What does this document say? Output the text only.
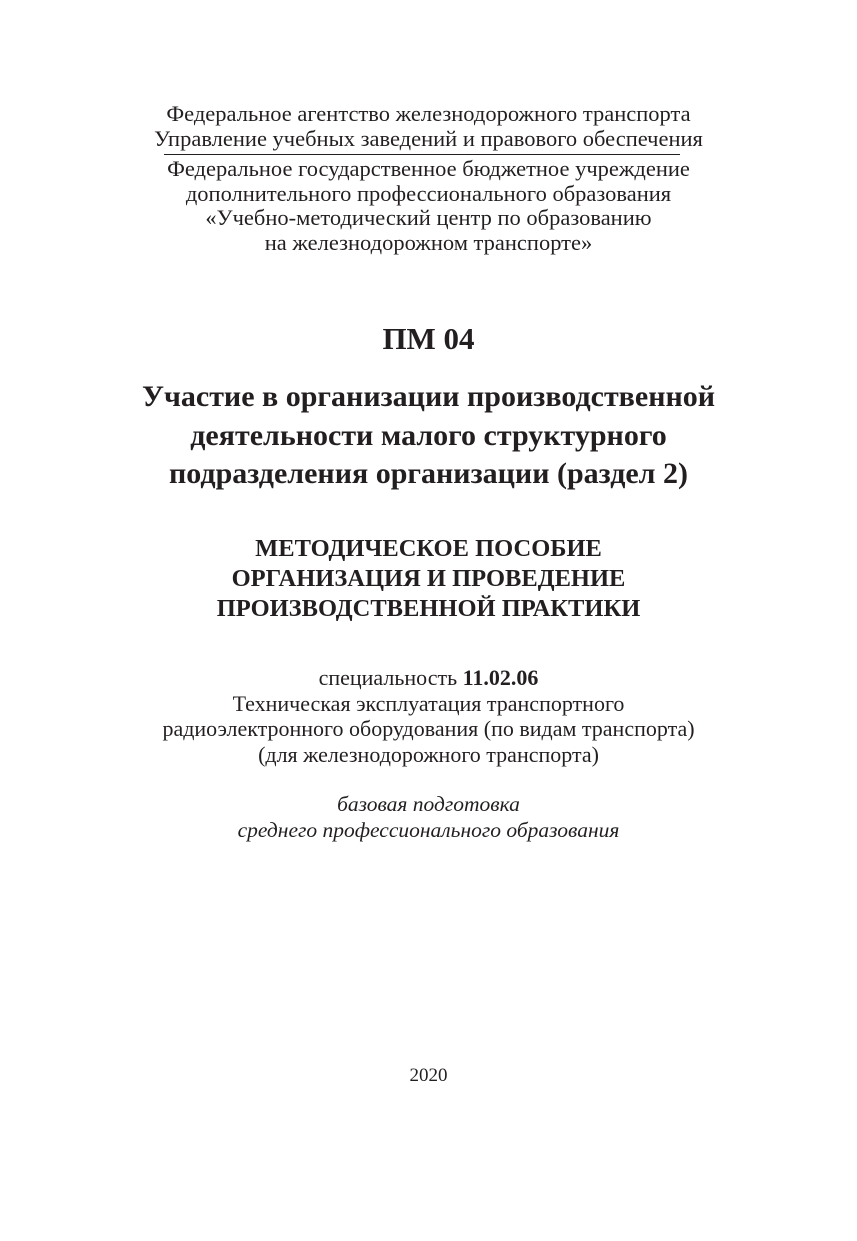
Федеральное агентство железнодорожного транспорта
Управление учебных заведений и правового обеспечения
Федеральное государственное бюджетное учреждение
дополнительного профессионального образования
«Учебно-методический центр по образованию
на железнодорожном транспорте»
ПМ 04
Участие в организации производственной
деятельности малого структурного
подразделения организации (раздел 2)
МЕТОДИЧЕСКОЕ ПОСОБИЕ
ОРГАНИЗАЦИЯ И ПРОВЕДЕНИЕ
ПРОИЗВОДСТВЕННОЙ ПРАКТИКИ
специальность 11.02.06
Техническая эксплуатация транспортного
радиоэлектронного оборудования (по видам транспорта)
(для железнодорожного транспорта)
базовая подготовка
среднего профессионального образования
2020
